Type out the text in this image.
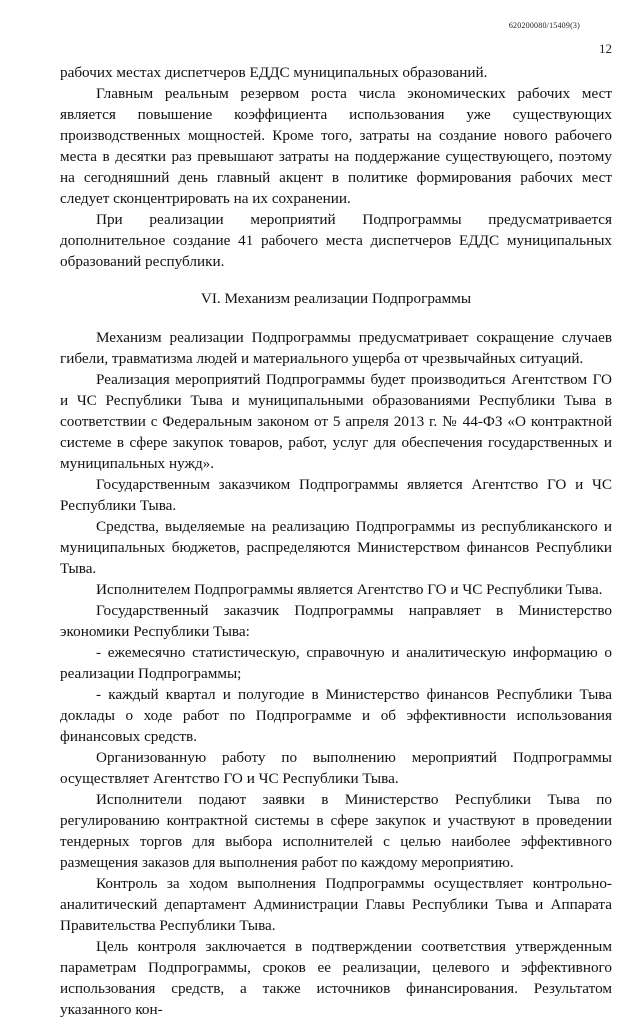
620200080/15409(3)
12

рабочих местах диспетчеров ЕДДС муниципальных образований.

Главным реальным резервом роста числа экономических рабочих мест является повышение коэффициента использования уже существующих производственных мощностей. Кроме того, затраты на создание нового рабочего места в десятки раз превышают затраты на поддержание существующего, поэтому на сегодняшний день главный акцент в политике формирования рабочих мест следует сконцентрировать на их сохранении.

При реализации мероприятий Подпрограммы предусматривается дополнительное создание 41 рабочего места диспетчеров ЕДДС муниципальных образований республики.

VI. Механизм реализации Подпрограммы

Механизм реализации Подпрограммы предусматривает сокращение случаев гибели, травматизма людей и материального ущерба от чрезвычайных ситуаций.

Реализация мероприятий Подпрограммы будет производиться Агентством ГО и ЧС Республики Тыва и муниципальными образованиями Республики Тыва в соответствии с Федеральным законом от 5 апреля 2013 г. № 44-ФЗ «О контрактной системе в сфере закупок товаров, работ, услуг для обеспечения государственных и муниципальных нужд».

Государственным заказчиком Подпрограммы является Агентство ГО и ЧС Республики Тыва.

Средства, выделяемые на реализацию Подпрограммы из республиканского и муниципальных бюджетов, распределяются Министерством финансов Республики Тыва.

Исполнителем Подпрограммы является Агентство ГО и ЧС Республики Тыва.

Государственный заказчик Подпрограммы направляет в Министерство экономики Республики Тыва:

- ежемесячно статистическую, справочную и аналитическую информацию о реализации Подпрограммы;

- каждый квартал и полугодие в Министерство финансов Республики Тыва доклады о ходе работ по Подпрограмме и об эффективности использования финансовых средств.

Организованную работу по выполнению мероприятий Подпрограммы осуществляет Агентство ГО и ЧС Республики Тыва.

Исполнители подают заявки в Министерство Республики Тыва по регулированию контрактной системы в сфере закупок и участвуют в проведении тендерных торгов для выбора исполнителей с целью наиболее эффективного размещения заказов для выполнения работ по каждому мероприятию.

Контроль за ходом выполнения Подпрограммы осуществляет контрольно-аналитический департамент Администрации Главы Республики Тыва и Аппарата Правительства Республики Тыва.

Цель контроля заключается в подтверждении соответствия утвержденным параметрам Подпрограммы, сроков ее реализации, целевого и эффективного использования средств, а также источников финансирования. Результатом указанного кон-
